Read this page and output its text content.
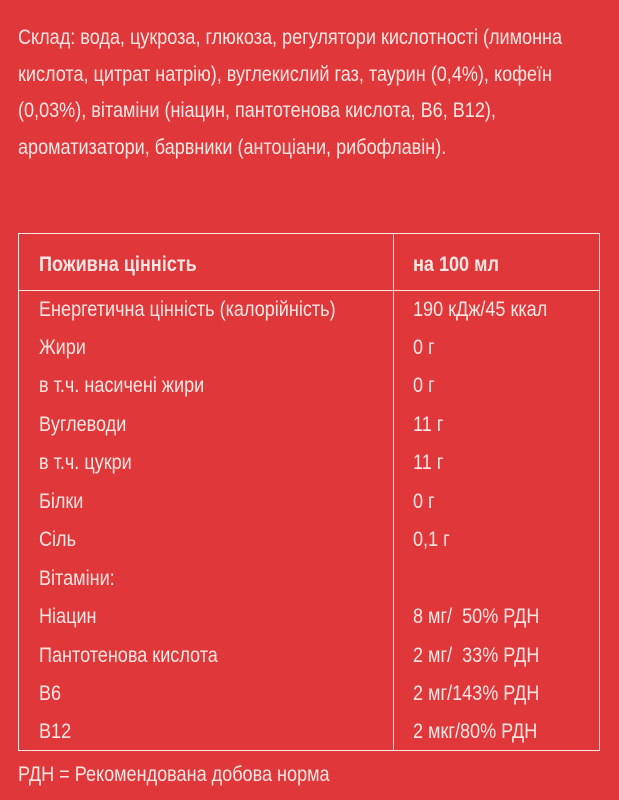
Склад: вода, цукроза, глюкоза, регулятори кислотності (лимонна кислота, цитрат натрію), вуглекислий газ, таурин (0,4%), кофеїн (0,03%), вітаміни (ніацин, пантотенова кислота, В6, В12), ароматизатори, барвники (антоціани, рибофлавін).
Поживна цінність	на 100 мл
Енергетична цінність (калорійність)	190 кДж/45 ккал
Жири	0 г
в т.ч. насичені жири	0 г
Вуглеводи	11 г
в т.ч. цукри	11 г
Білки	0 г
Сіль	0,1 г
Вітаміни:
Ніацин	8 мг/  50% РДН
Пантотенова кислота	2 мг/  33% РДН
В6	2 мг/143% РДН
В12	2 мкг/80% РДН
РДН = Рекомендована добова норма
